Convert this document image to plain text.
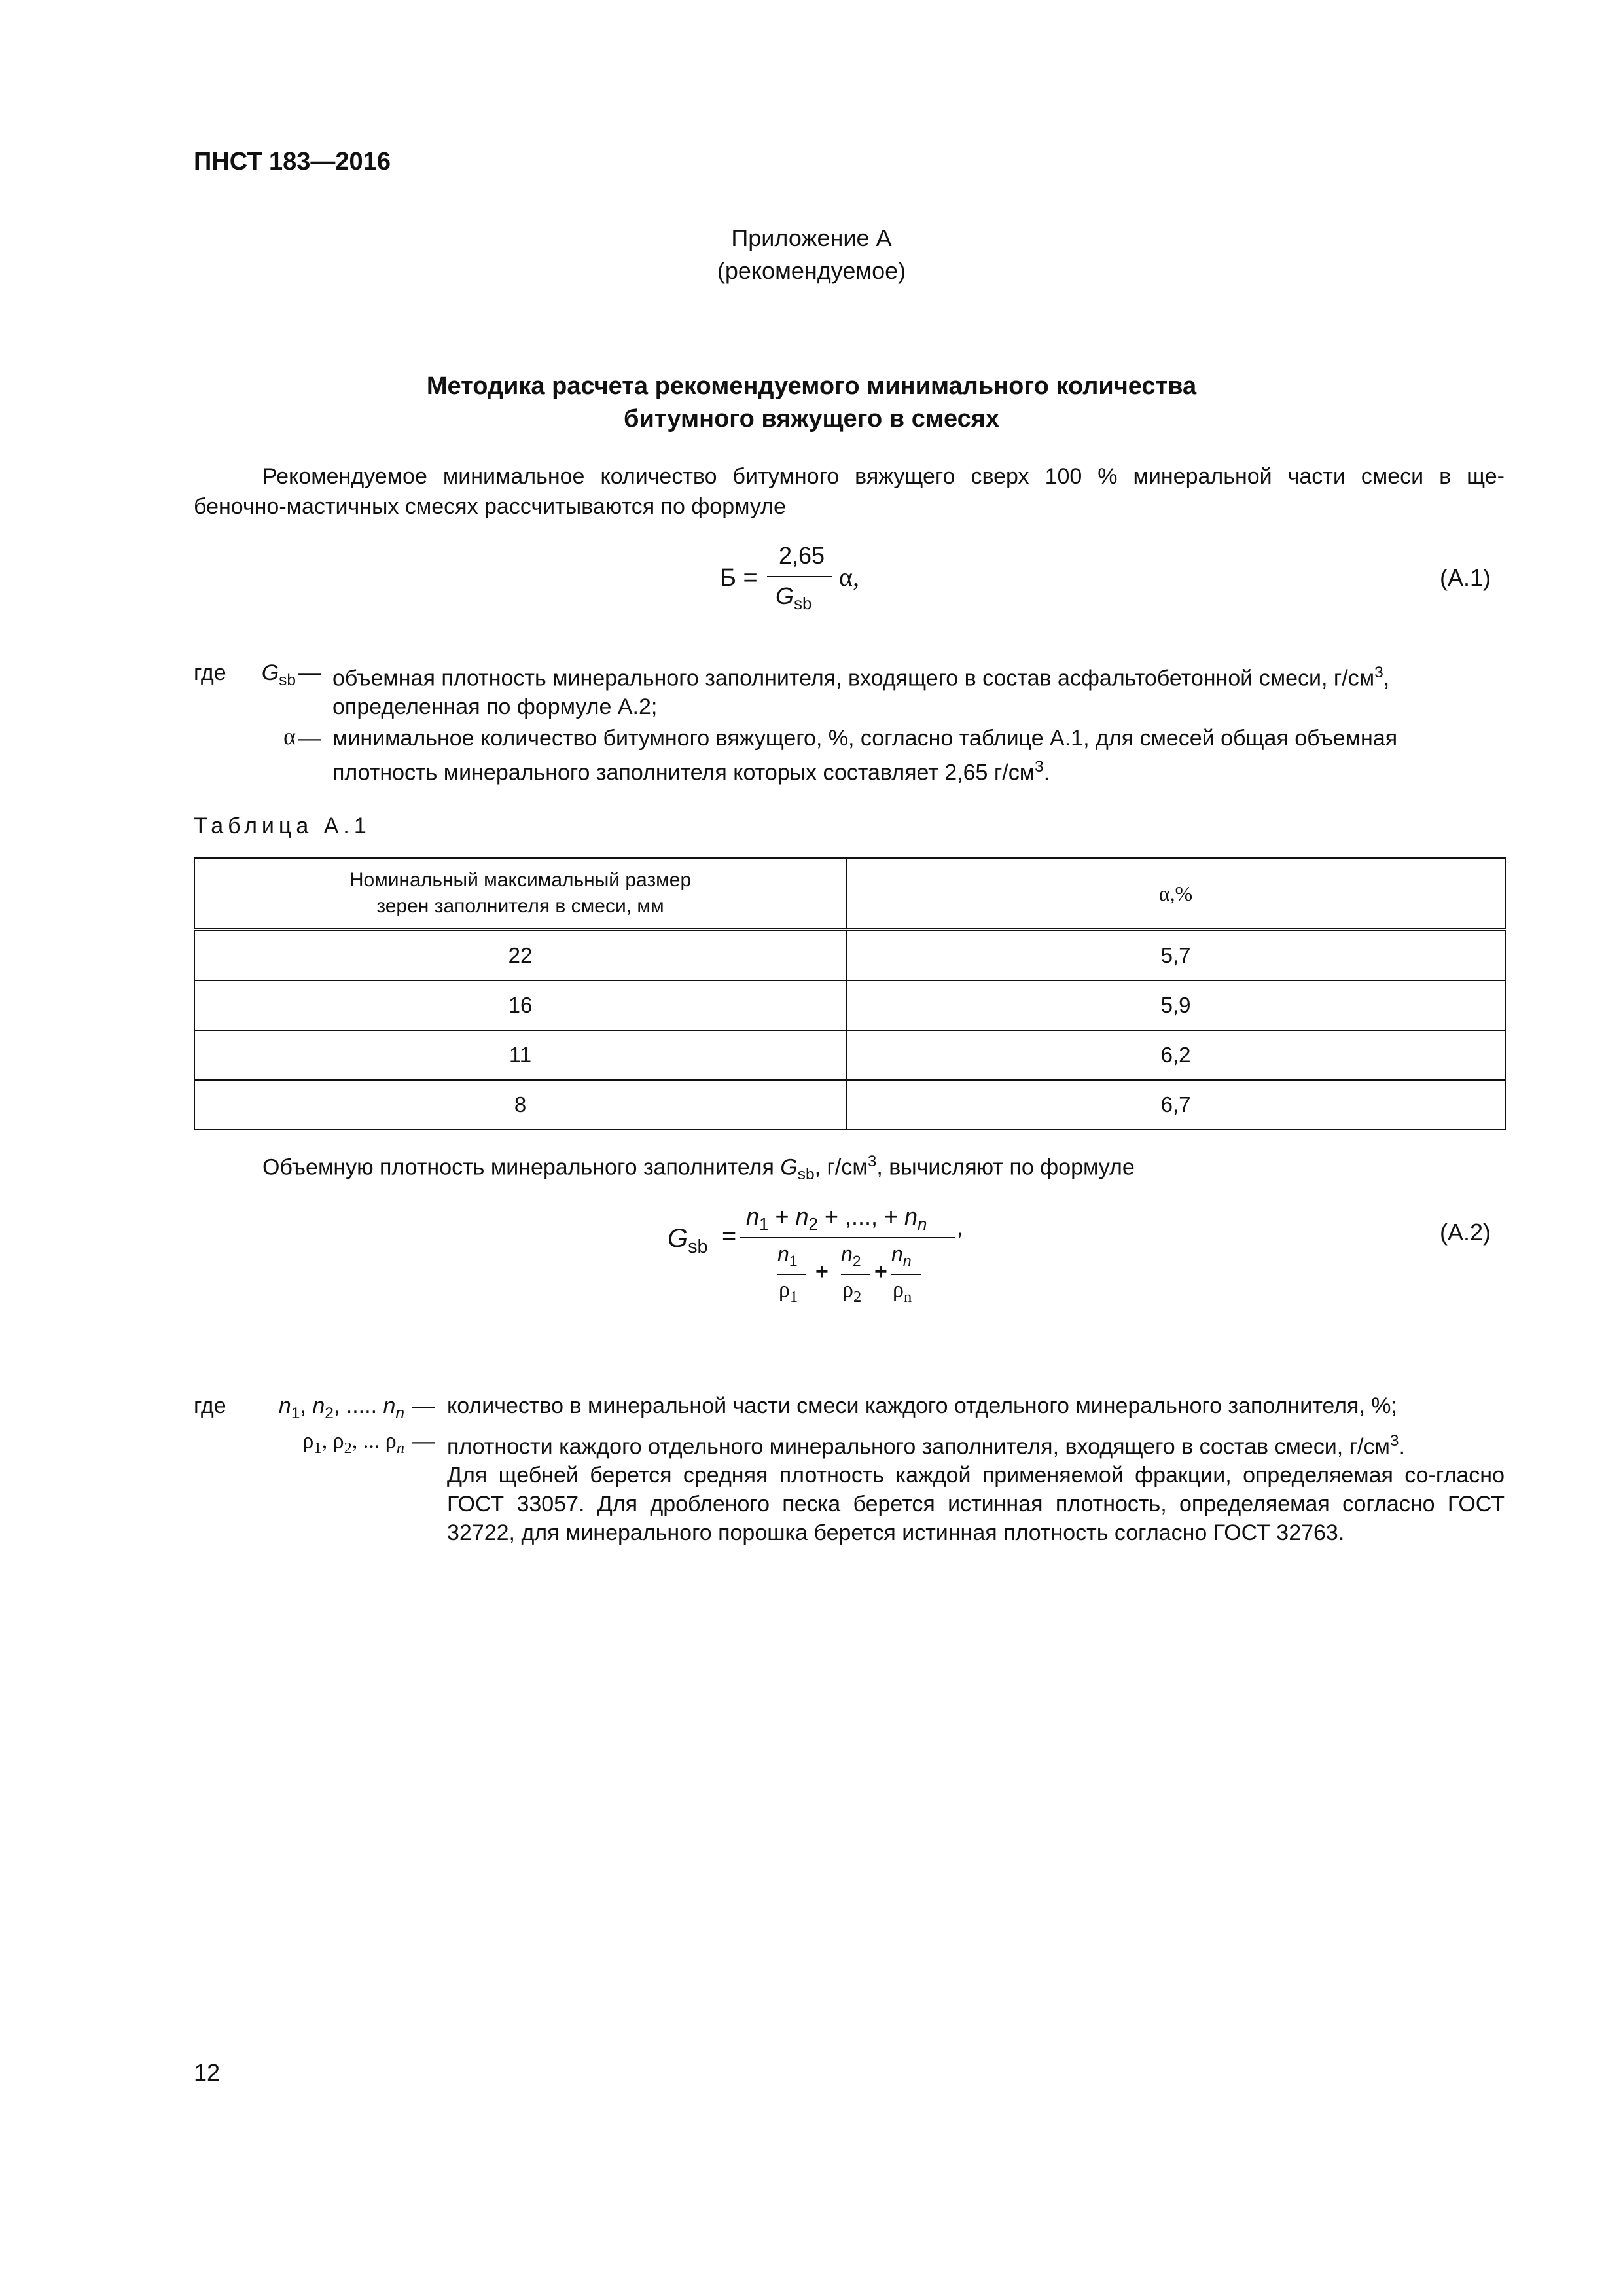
ПНСТ 183—2016
Приложение А
(рекомендуемое)
Методика расчета рекомендуемого минимального количества
битумного вяжущего в смесях
Рекомендуемое минимальное количество битумного вяжущего сверх 100 % минеральной части смеси в ще-
беночно-мастичных смесях рассчитываются по формуле
Б =
2,65
$G_{sb}$
α,	(А.1)
где	$G_{sb}$ — объемная плотность минерального заполнителя, входящего в состав асфальтобетонной смеси, $г/см^3$,
определенная по формуле А.2;
α — минимальное количество битумного вяжущего, %, согласно таблице А.1, для смесей общая объемная
плотность минерального заполнителя которых составляет 2,65 $г/см^3$.
Таблица А.1
Номинальный максимальный размер зерен заполнителя в смеси, мм	α,%
22	5,7
16	5,9
11	6,2
8	6,7
Объемную плотность минерального заполнителя $G_{sb}$, $г/см^3$, вычисляют по формуле
$G_{sb}$ =
$n_1 + n_2$ + ,..., + $n_n$ ,
$n_1$
$\rho_1$
+
$n_2$
$\rho_2$
+
$n_n$
$\rho_n$
(А.2)
где	$n_1$, $n_2$, ..... $n_n$ — количество в минеральной части смеси каждого отдельного минерального заполнителя, %;
$\rho_1$, $\rho_2$, ... $\rho_n$ — плотности каждого отдельного минерального заполнителя, входящего в состав смеси, $г/см^3$.
Для щебней берется средняя плотность каждой применяемой фракции, определяемая со-гласно ГОСТ 33057. Для дробленого песка берется истинная плотность, определяемая согласно ГОСТ 32722, для минерального порошка берется истинная плотность согласно ГОСТ 32763.
12
